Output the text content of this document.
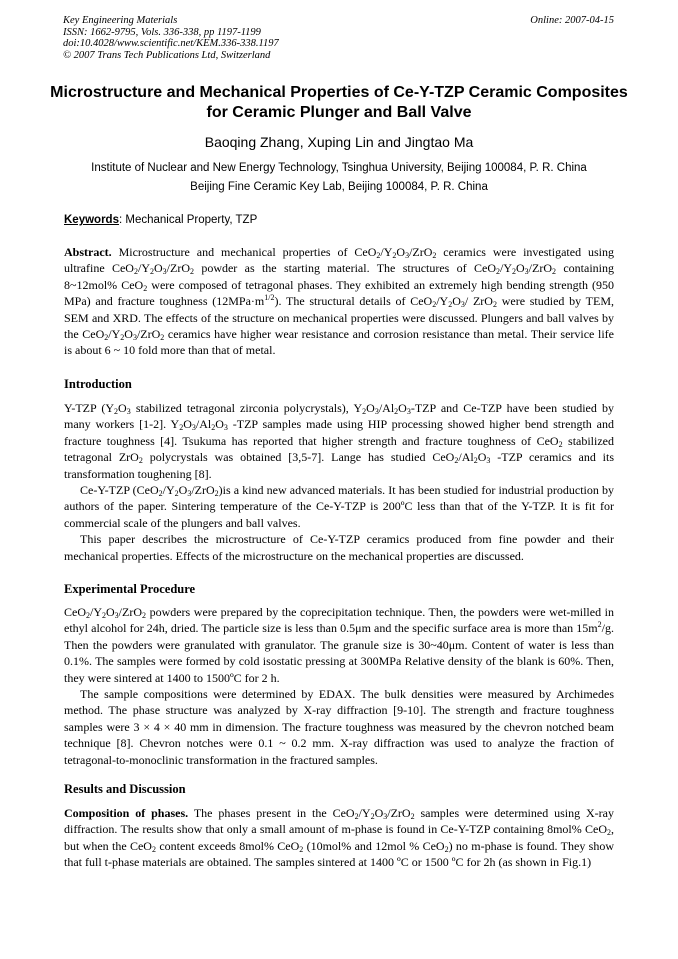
Key Engineering Materials
ISSN: 1662-9795, Vols. 336-338, pp 1197-1199
doi:10.4028/www.scientific.net/KEM.336-338.1197
© 2007 Trans Tech Publications Ltd, Switzerland
Online: 2007-04-15
Microstructure and Mechanical Properties of Ce-Y-TZP Ceramic Composites for Ceramic Plunger and Ball Valve
Baoqing Zhang, Xuping Lin and Jingtao Ma
Institute of Nuclear and New Energy Technology, Tsinghua University, Beijing 100084, P. R. China
Beijing Fine Ceramic Key Lab, Beijing 100084, P. R. China
Keywords: Mechanical Property, TZP

Abstract. Microstructure and mechanical properties of $CeO_2/Y_2O_3/ZrO_2$ ceramics were investigated using ultrafine $CeO_2/Y_2O_3/ZrO_2$ powder as the starting material. The structures of $CeO_2/Y_2O_3/ZrO_2$ containing 8~12mol% CeO$_2$ were composed of tetragonal phases. They exhibited an extremely high bending strength (950 MPa) and fracture toughness $(12MPa\cdot m^{1/2})$. The structural details of $CeO_2/Y_2O_3/$ ZrO$_2$ were studied by TEM, SEM and XRD. The effects of the structure on mechanical properties were discussed. Plungers and ball valves by the $CeO_2/Y_2O_3/ZrO_2$ ceramics have higher wear resistance and corrosion resistance than metal. Their service life is about 6 ~ 10 fold more than that of metal.

Introduction

Y-TZP ($Y_2O_3$ stabilized tetragonal zirconia polycrystals), $Y_2O_3/Al_2O_3$-TZP and Ce-TZP have been studied by many workers [1-2]. $Y_2O_3/Al_2O_3$ -TZP samples made using HIP processing showed higher bend strength and fracture toughness [4]. Tsukuma has reported that higher strength and fracture toughness of CeO$_2$ stabilized tetragonal ZrO$_2$ polycrystals was obtained [3,5-7]. Lange has studied $CeO_2/Al_2O_3$ -TZP ceramics and its transformation toughening [8].

Ce-Y-TZP $(CeO_2/Y_2O_3/ZrO_2)is$ a kind new advanced materials. It has been studied for industrial production by authors of the paper. Sintering temperature of the Ce-Y-TZP is 200ºC less than that of the Y-TZP. It is fit for commercial scale of the plungers and ball valves.

This paper describes the microstructure of Ce-Y-TZP ceramics produced from fine powder and their mechanical properties. Effects of the microstructure on the mechanical properties are discussed.

Experimental Procedure

$CeO_2/Y_2O_3/ZrO_2$ powders were prepared by the coprecipitation technique. Then, the powders were wet-milled in ethyl alcohol for 24h, dried. The particle size is less than 0.5μm and the specific surface area is more than $15m^2/g$. Then the powders were granulated with granulator. The granule size is 30~40μm. Content of water is less than 0.1%. The samples were formed by cold isostatic pressing at 300MPa Relative density of the blank is 60%. Then, they were sintered at 1400 to 1500ºC for 2 h.

The sample compositions were determined by EDAX. The bulk densities were measured by Archimedes method. The phase structure was analyzed by X-ray diffraction [9-10]. The strength and fracture toughness samples were 3 × 4 × 40 mm in dimension. The fracture toughness was measured by the chevron notched beam technique [8]. Chevron notches were 0.1 ~ 0.2 mm. X-ray diffraction was used to analyze the fraction of tetragonal-to-monoclinic transformation in the fractured samples.

Results and Discussion

Composition of phases. The phases present in the $CeO_2/Y_2O_3/ZrO_2$ samples were determined using X-ray diffraction. The results show that only a small amount of m-phase is found in Ce-Y-TZP containing 8mol% CeO$_2$, but when the CeO$_2$ content exceeds 8mol% CeO$_2$ (10mol% and 12mol % CeO$_2$) no m-phase is found. They show that full t-phase materials are obtained. The samples sintered at 1400 ºC or 1500 ºC for 2h (as shown in Fig.1)
